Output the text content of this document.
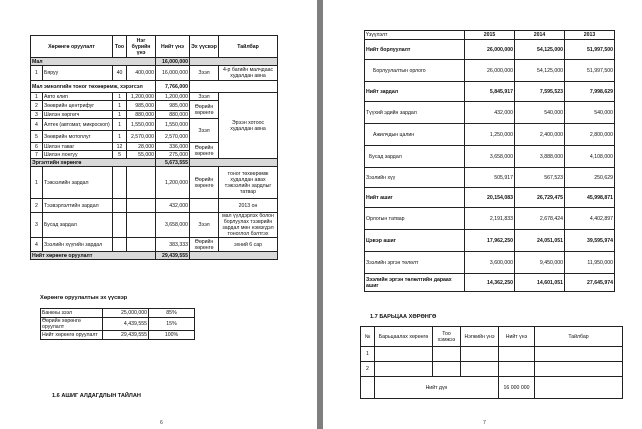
Хөрөнгө оруулалт		Тоо	Нэг бүрийн үнэ	Нийт үнэ	Эх үүсвэр	Тайлбар
Мал				16,000,000		
1	Бяруу	40	400,000	16,000,000	Зээл	4-р багийн малчдаас худалдан авна
Мал эмнэлгийн тоног төхөөрөмж, хэрэгсэл				7,766,000		
1	Авто клип	1	1,200,000	1,200,000	Зээл	Эрээн хотоос худалдан авна
2	Зөөврийн центрифуг	1	985,000	985,000	Өөрийн хөрөнгө	
3	Шилэн хөргөгч	1	880,000	880,000		
4	Алтек (автомат, микроскоп)	1	1,550,000	1,550,000	Зээл	
5	Зөөврийн мотоплуг	1	2,570,000	2,570,000		
6	Шилэн таваг	12	28,000	336,000	Өөрийн хөрөнгө	
7	Шилэн лонгуу	5	55,000	275,000		
Эргэлтийн хөрөнгө				5,673,555		
1	Тэжээлийн зардал			1,200,000	Өөрийн хөрөнгө	тоног төхөөрөмж худалдан авах тэжээлийн зардлыг татвар
2	Тээвэрлэлтийн зардал			432,000		2013 он
3	Бусад зардал			3,658,000	Зээл	мал үүлдэрлэх болон борлуулах тээврийн зардал мөн нэмэгдэл тоноглол бэлтгэх
4	Зээлийн хүүгийн зардал			383,333	Өөрийн хөрөнгө	эхний 6 сар
Нийт хөрөнгө оруулалт				29,439,555		
Хөрөнгө оруулалтын эх үүсвэр
Банкны зээл	25,000,000	85%
Өөрийн хөрөнгө оруулалт	4,439,555	15%
Нийт хөрөнгө оруулалт	29,439,555	100%
1.6 АШИГ АЛДАГДЛЫН ТАЙЛАН
6
Үзүүлэлт	2015	2014	2013
Нийт борлуулалт	26,000,000	54,125,000	51,997,500
Борлуулалтын орлого	26,000,000	54,125,000	51,997,500
Нийт зардал	5,845,917	7,595,523	7,998,629
Түүхий эдийн зардал	432,000	540,000	540,000
Ажилчдын цалин	1,250,000	2,400,000	2,800,000
Бусад зардал	3,658,000	3,888,000	4,108,000
Зээлийн хүү	505,917	567,523	250,629
Нийт ашиг	20,154,083	26,729,475	45,998,871
Орлогын татвар	2,191,833	2,678,424	4,402,897
Цэвэр ашиг	17,962,250	24,051,051	39,595,974
Зээлийн эргэн төлөлт	3,600,000	9,450,000	11,950,000
Зээлийн эргэн төлөлтийн дараах ашиг	14,362,250	14,601,051	27,645,974
1.7 БАРЬЦАА ХӨРӨНГӨ
№	Барьцаалах хөрөнгө	Тоо хэмжээ	Нэгжийн үнэ	Нийт үнэ	Тайлбар
1					
2					
	Нийт дүн			16 000 000	
7
